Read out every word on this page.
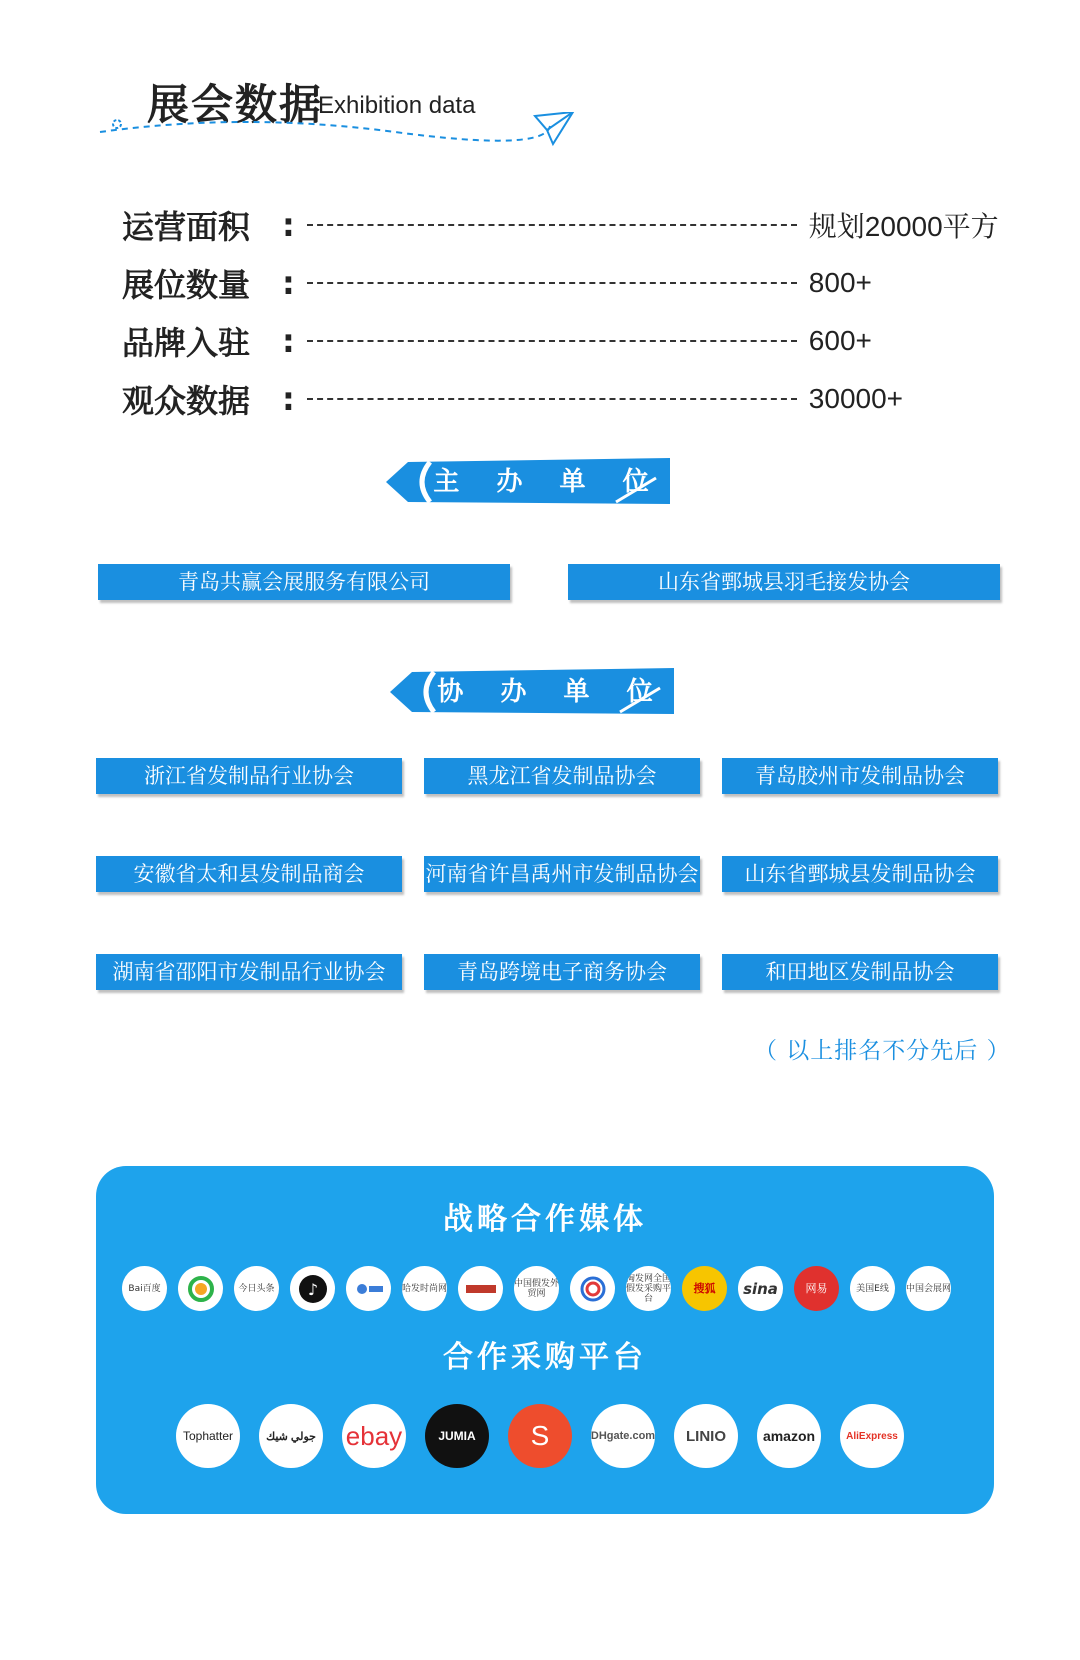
展会数据
Exhibition data
运营面积 :	规划20000平方
展位数量 :	800+
品牌入驻 :	600+
观众数据 :	30000+
主 办 单 位
青岛共赢会展服务有限公司	山东省鄄城县羽毛接发协会
协 办 单 位
浙江省发制品行业协会	黑龙江省发制品协会	青岛胶州市发制品协会
安徽省太和县发制品商会	河南省许昌禹州市发制品协会	山东省鄄城县发制品协会
湖南省邵阳市发制品行业协会	青岛跨境电子商务协会	和田地区发制品协会
（ 以上排名不分先后 ）
战略合作媒体
Bai百度	今日头条 ♪	哈发时尚网	中国假发外贸网
淘发网全国假发采购平台
搜狐	sina	网易	美国E线	中国会展网
合作采购平台
Tophatter	جولي شيك ebay	JUMIA	S	DHgate.com	LINIO	amazon	AliExpress
